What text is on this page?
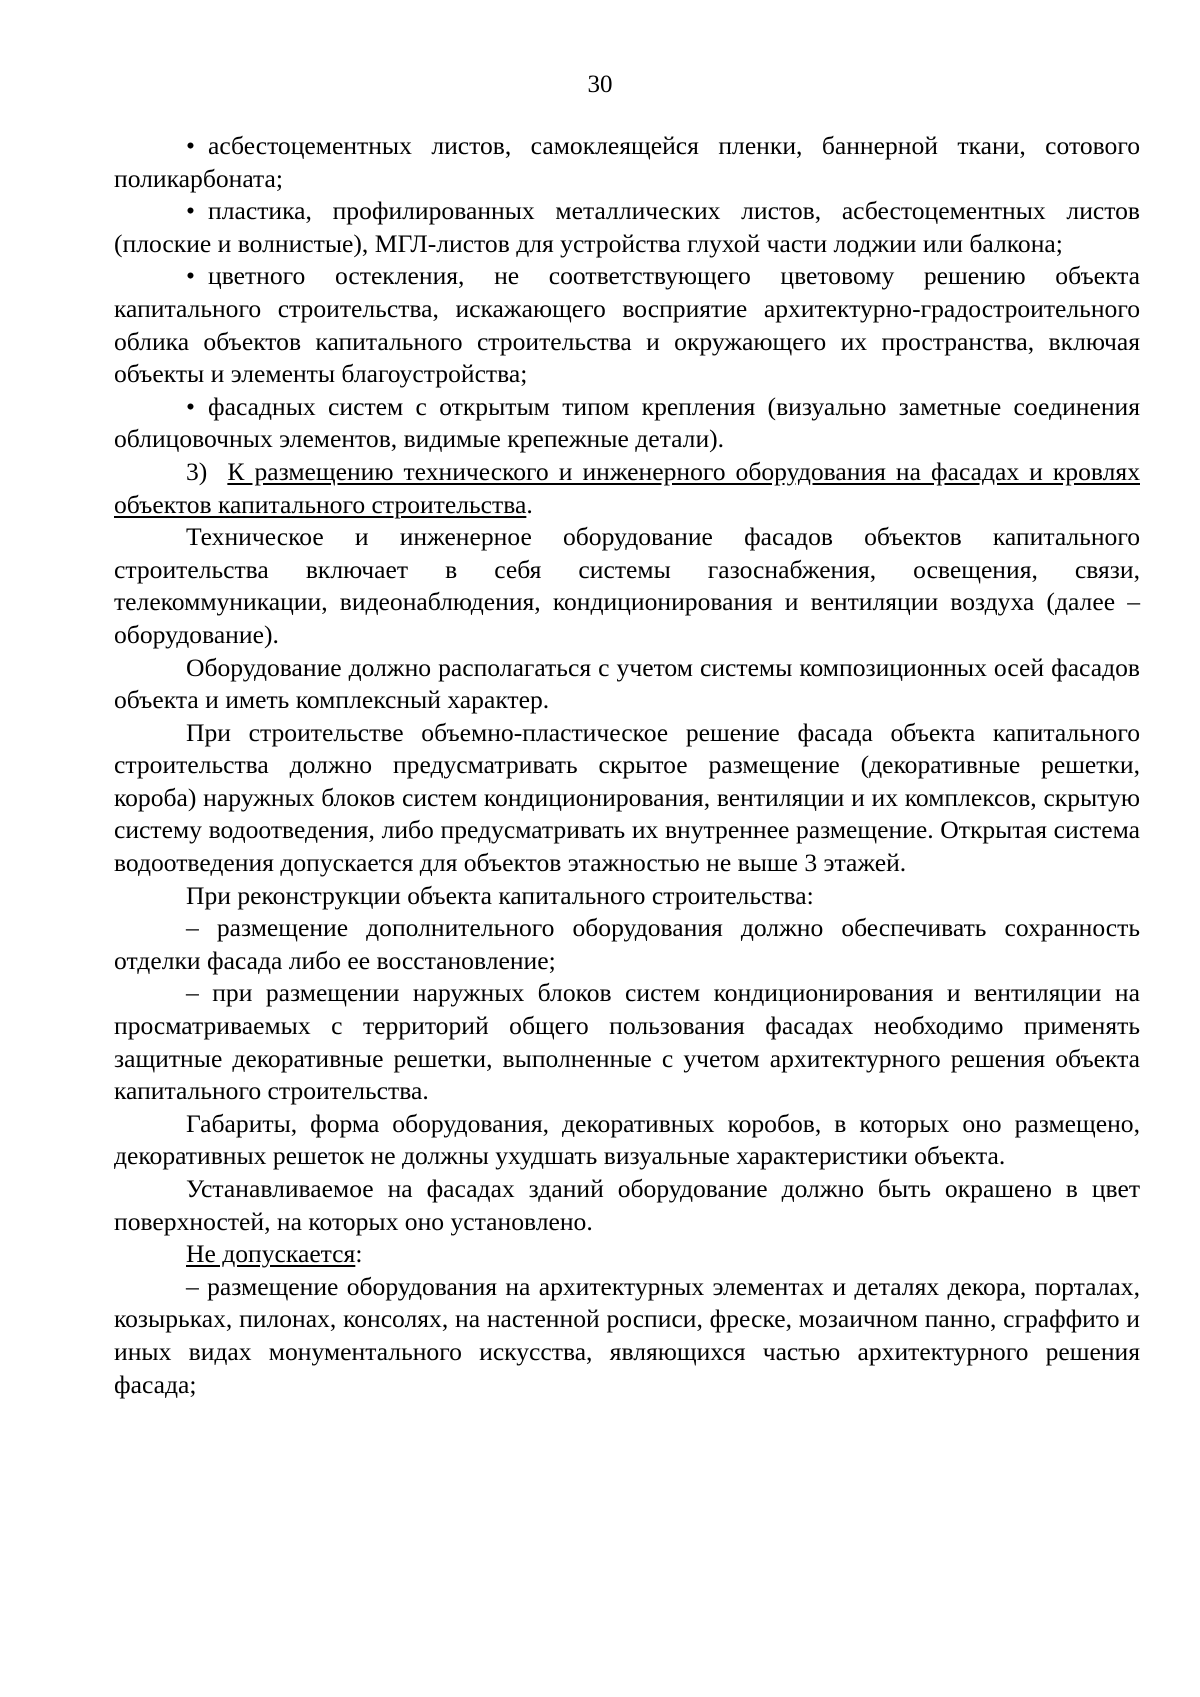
30

• асбестоцементных листов, самоклеящейся пленки, баннерной ткани, сотового поликарбоната;

• пластика, профилированных металлических листов, асбестоцементных листов (плоские и волнистые), МГЛ-листов для устройства глухой части лоджии или балкона;

• цветного остекления, не соответствующего цветовому решению объекта капитального строительства, искажающего восприятие архитектурно-градостроительного облика объектов капитального строительства и окружающего их пространства, включая объекты и элементы благоустройства;

• фасадных систем с открытым типом крепления (визуально заметные соединения облицовочных элементов, видимые крепежные детали).

3) К размещению технического и инженерного оборудования на фасадах и кровлях объектов капитального строительства.

Техническое и инженерное оборудование фасадов объектов капитального строительства включает в себя системы газоснабжения, освещения, связи, телекоммуникации, видеонаблюдения, кондиционирования и вентиляции воздуха (далее – оборудование).

Оборудование должно располагаться с учетом системы композиционных осей фасадов объекта и иметь комплексный характер.

При строительстве объемно-пластическое решение фасада объекта капитального строительства должно предусматривать скрытое размещение (декоративные решетки, короба) наружных блоков систем кондиционирования, вентиляции и их комплексов, скрытую систему водоотведения, либо предусматривать их внутреннее размещение. Открытая система водоотведения допускается для объектов этажностью не выше 3 этажей.

При реконструкции объекта капитального строительства:

– размещение дополнительного оборудования должно обеспечивать сохранность отделки фасада либо ее восстановление;

– при размещении наружных блоков систем кондиционирования и вентиляции на просматриваемых с территорий общего пользования фасадах необходимо применять защитные декоративные решетки, выполненные с учетом архитектурного решения объекта капитального строительства.

Габариты, форма оборудования, декоративных коробов, в которых оно размещено, декоративных решеток не должны ухудшать визуальные характеристики объекта.

Устанавливаемое на фасадах зданий оборудование должно быть окрашено в цвет поверхностей, на которых оно установлено.

Не допускается:

– размещение оборудования на архитектурных элементах и деталях декора, порталах, козырьках, пилонах, консолях, на настенной росписи, фреске, мозаичном панно, сграффито и иных видах монументального искусства, являющихся частью архитектурного решения фасада;
